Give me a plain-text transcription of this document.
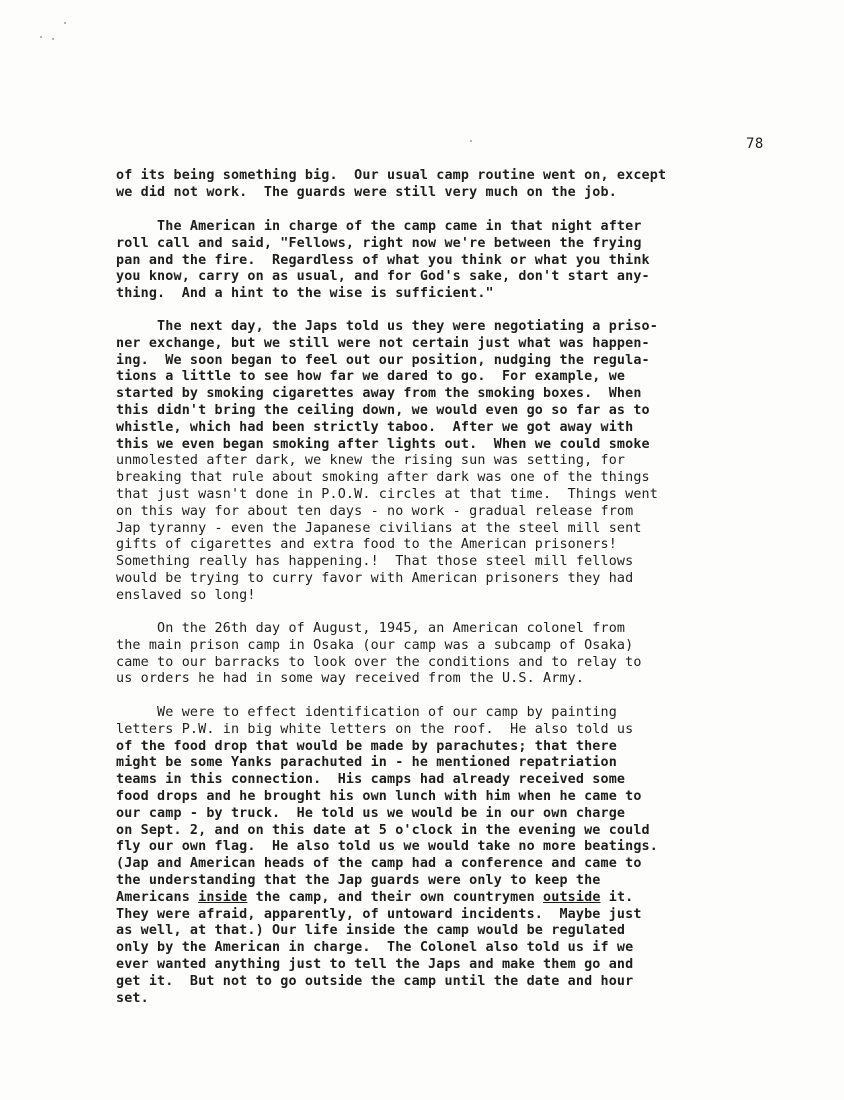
78
of its being something big.  Our usual camp routine went on, except
we did not work.  The guards were still very much on the job.
The American in charge of the camp came in that night after
roll call and said, "Fellows, right now we're between the frying
pan and the fire.  Regardless of what you think or what you think
you know, carry on as usual, and for God's sake, don't start any-
thing.  And a hint to the wise is sufficient."
The next day, the Japs told us they were negotiating a priso-
ner exchange, but we still were not certain just what was happen-
ing.  We soon began to feel out our position, nudging the regula-
tions a little to see how far we dared to go.  For example, we
started by smoking cigarettes away from the smoking boxes.  When
this didn't bring the ceiling down, we would even go so far as to
whistle, which had been strictly taboo.  After we got away with
this we even began smoking after lights out.  When we could smoke
unmolested after dark, we knew the rising sun was setting, for
breaking that rule about smoking after dark was one of the things
that just wasn't done in P.O.W. circles at that time.  Things went
on this way for about ten days - no work - gradual release from
Jap tyranny - even the Japanese civilians at the steel mill sent
gifts of cigarettes and extra food to the American prisoners!
Something really has happening.!  That those steel mill fellows
would be trying to curry favor with American prisoners they had
enslaved so long!
On the 26th day of August, 1945, an American colonel from
the main prison camp in Osaka (our camp was a subcamp of Osaka)
came to our barracks to look over the conditions and to relay to
us orders he had in some way received from the U.S. Army.
We were to effect identification of our camp by painting
letters P.W. in big white letters on the roof.  He also told us
of the food drop that would be made by parachutes; that there
might be some Yanks parachuted in - he mentioned repatriation
teams in this connection.  His camps had already received some
food drops and he brought his own lunch with him when he came to
our camp - by truck.  He told us we would be in our own charge
on Sept. 2, and on this date at 5 o'clock in the evening we could
fly our own flag.  He also told us we would take no more beatings.
(Jap and American heads of the camp had a conference and came to
the understanding that the Jap guards were only to keep the
Americans inside the camp, and their own countrymen outside it.
They were afraid, apparently, of untoward incidents.  Maybe just
as well, at that.) Our life inside the camp would be regulated
only by the American in charge.  The Colonel also told us if we
ever wanted anything just to tell the Japs and make them go and
get it.  But not to go outside the camp until the date and hour
set.
